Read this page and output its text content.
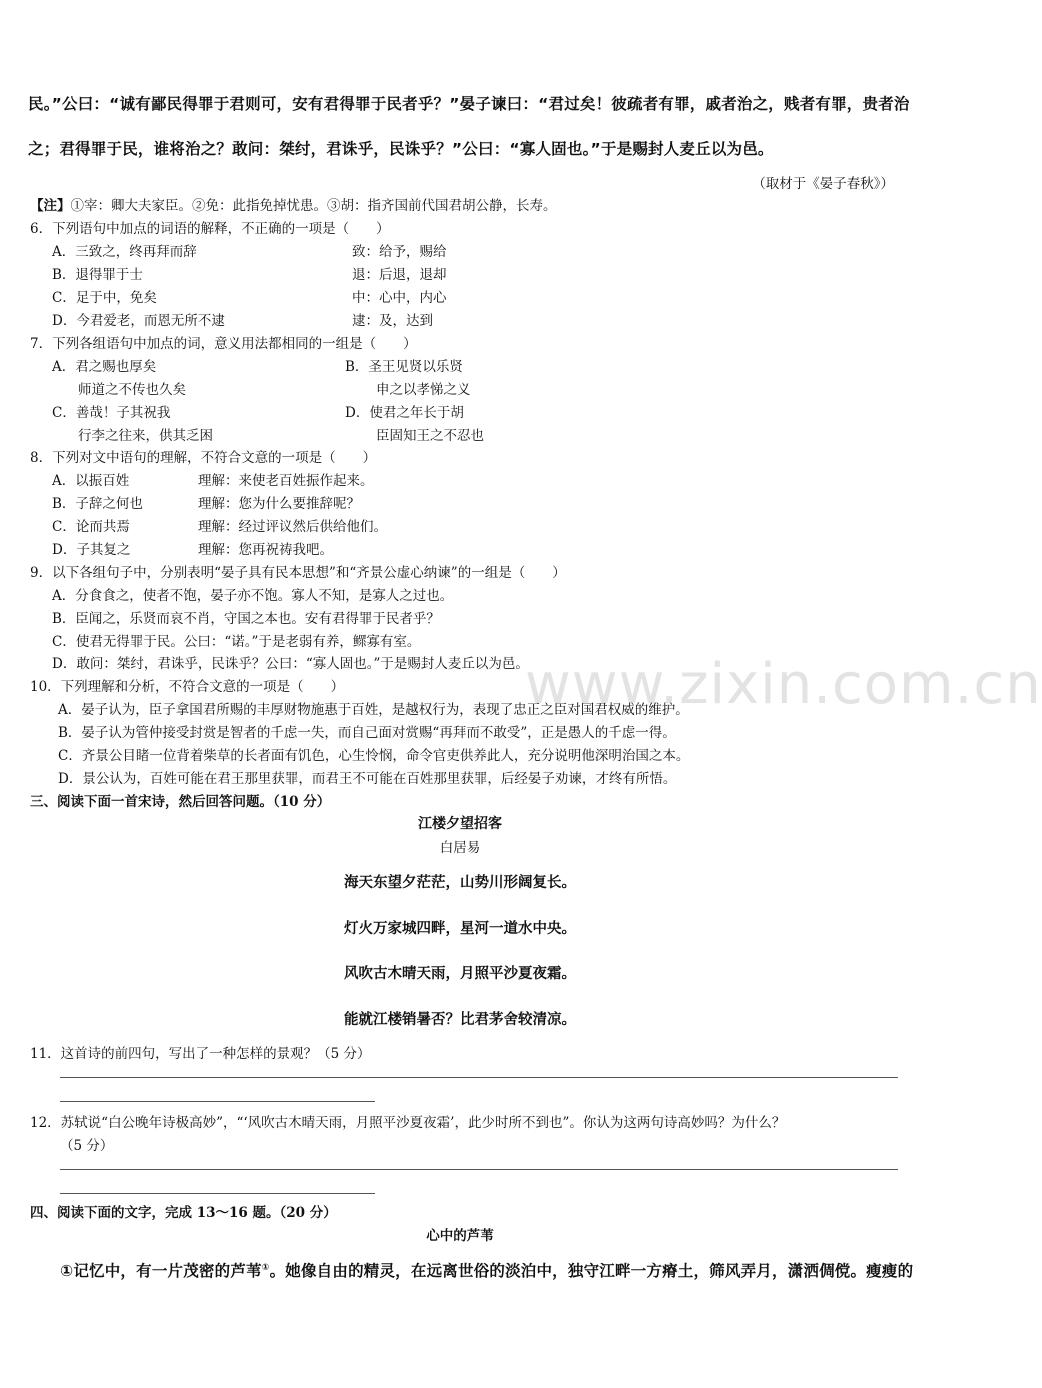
民。”公曰：“诚有鄙民得罪于君则可，安有君得罪于民者乎？”晏子谏曰：“君过矣！彼疏者有罪，戚者治之，贱者有罪，贵者治
之；君得罪于民，谁将治之？敢问：桀纣，君诛乎，民诛乎？”公曰：“寡人固也。”于是赐封人麦丘以为邑。
（取材于《晏子春秋》）
【注】①宰：卿大夫家臣。②免：此指免掉忧患。③胡：指齐国前代国君胡公静，长寿。
6．下列语句中加点的词语的解释，不正确的一项是（　　）
A．三致之，终再拜而辞	致：给予，赐给
B．退得罪于士	退：后退，退却
C．足于中，免矣	中：心中，内心
D．今君爱老，而恩无所不逮	逮：及，达到
7．下列各组语句中加点的词，意义用法都相同的一组是（　　）
A．君之赐也厚矣	B．圣王见贤以乐贤
师道之不传也久矣	申之以孝悌之义
C．善哉！子其祝我	D．使君之年长于胡
行李之往来，供其乏困	臣固知王之不忍也
8．下列对文中语句的理解，不符合文意的一项是（　　）
A．以振百姓	理解：来使老百姓振作起来。
B．子辞之何也	理解：您为什么要推辞呢？
C．论而共焉	理解：经过评议然后供给他们。
D．子其复之	理解：您再祝祷我吧。
9．以下各组句子中，分别表明“晏子具有民本思想”和“齐景公虚心纳谏”的一组是（　　）
A．分食食之，使者不饱，晏子亦不饱。寡人不知，是寡人之过也。
B．臣闻之，乐贤而哀不肖，守国之本也。安有君得罪于民者乎？
C．使君无得罪于民。公曰：“诺。”于是老弱有养，鳏寡有室。
D．敢问：桀纣，君诛乎，民诛乎？公曰：“寡人固也。”于是赐封人麦丘以为邑。
10．下列理解和分析，不符合文意的一项是（　　）
A．晏子认为，臣子拿国君所赐的丰厚财物施惠于百姓，是越权行为，表现了忠正之臣对国君权威的维护。
B．晏子认为管仲接受封赏是智者的千虑一失，而自己面对赏赐“再拜而不敢受”，正是愚人的千虑一得。
C．齐景公目睹一位背着柴草的长者面有饥色，心生怜悯，命令官吏供养此人，充分说明他深明治国之本。
D．景公认为，百姓可能在君王那里获罪，而君王不可能在百姓那里获罪，后经晏子劝谏，才终有所悟。
三、阅读下面一首宋诗，然后回答问题。（10 分）
江楼夕望招客
白居易
海天东望夕茫茫，山势川形阔复长。
灯火万家城四畔，星河一道水中央。
风吹古木晴天雨，月照平沙夏夜霜。
能就江楼销暑否？比君茅舍较清凉。
11．这首诗的前四句，写出了一种怎样的景观？（5 分）
12．苏轼说“白公晚年诗极高妙”，“‘风吹古木晴天雨，月照平沙夏夜霜’，此少时所不到也”。你认为这两句诗高妙吗？为什么？
（5 分）
四、阅读下面的文字，完成 13～16 题。（20 分）
心中的芦苇
①记忆中，有一片茂密的芦苇①。她像自由的精灵，在远离世俗的淡泊中，独守江畔一方瘠土，筛风弄月，潇洒倜傥。瘦瘦的
www.zixin.com.cn
